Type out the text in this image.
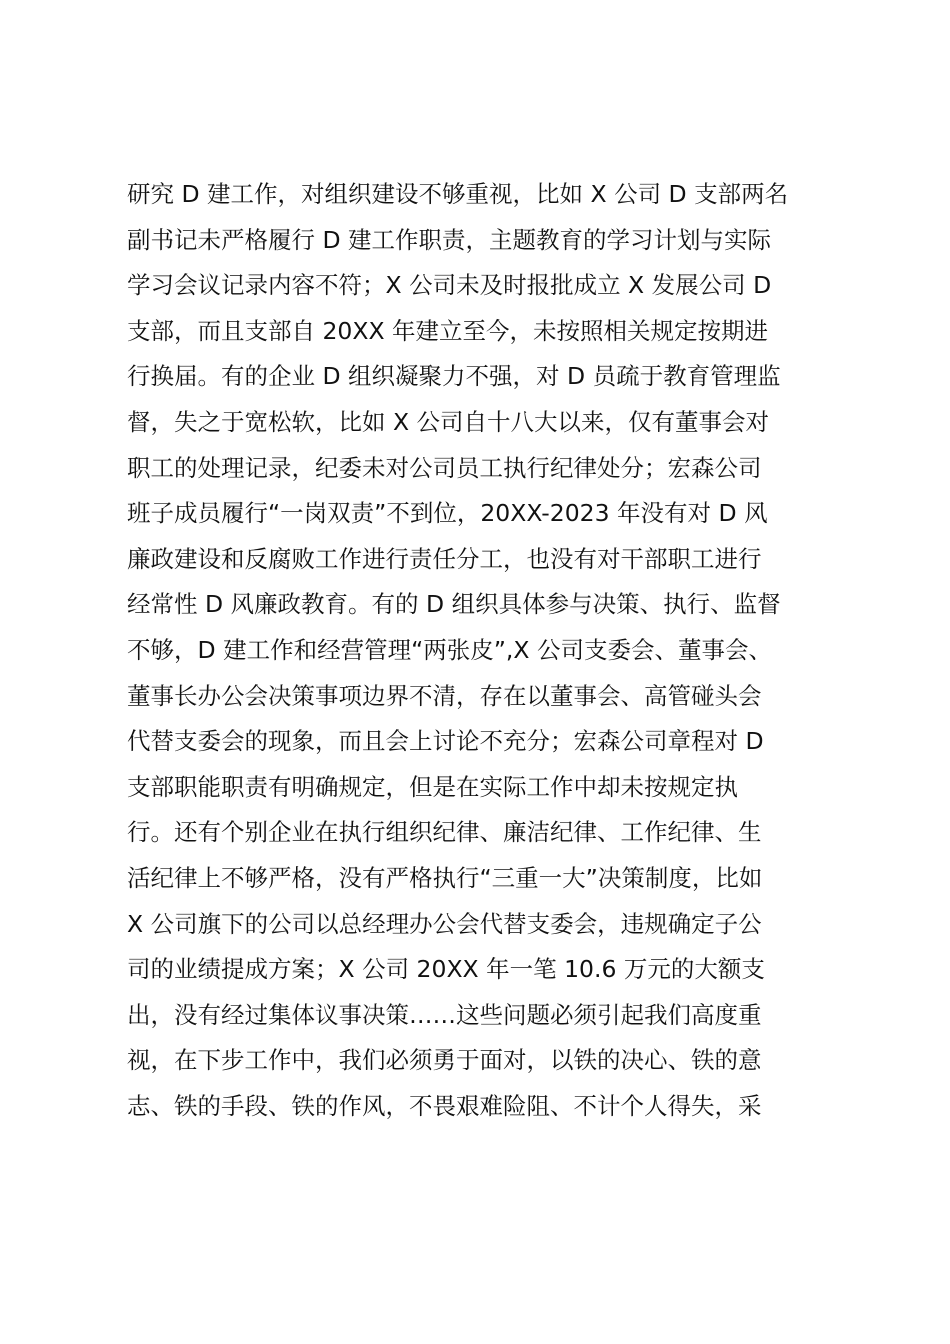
研究 D 建工作，对组织建设不够重视，比如 X 公司 D 支部两名
副书记未严格履行 D 建工作职责，主题教育的学习计划与实际
学习会议记录内容不符；X 公司未及时报批成立 X 发展公司 D
支部，而且支部自 20XX 年建立至今，未按照相关规定按期进
行换届。有的企业 D 组织凝聚力不强，对 D 员疏于教育管理监
督，失之于宽松软，比如 X 公司自十八大以来，仅有董事会对
职工的处理记录，纪委未对公司员工执行纪律处分；宏森公司
班子成员履行“一岗双责”不到位，20XX-2023 年没有对 D 风
廉政建设和反腐败工作进行责任分工，也没有对干部职工进行
经常性 D 风廉政教育。有的 D 组织具体参与决策、执行、监督
不够，D 建工作和经营管理“两张皮”,X 公司支委会、董事会、
董事长办公会决策事项边界不清，存在以董事会、高管碰头会
代替支委会的现象，而且会上讨论不充分；宏森公司章程对 D
支部职能职责有明确规定，但是在实际工作中却未按规定执
行。还有个别企业在执行组织纪律、廉洁纪律、工作纪律、生
活纪律上不够严格，没有严格执行“三重一大”决策制度，比如
X 公司旗下的公司以总经理办公会代替支委会，违规确定子公
司的业绩提成方案；X 公司 20XX 年一笔 10.6 万元的大额支
出，没有经过集体议事决策……这些问题必须引起我们高度重
视，在下步工作中，我们必须勇于面对，以铁的决心、铁的意
志、铁的手段、铁的作风，不畏艰难险阻、不计个人得失，采
